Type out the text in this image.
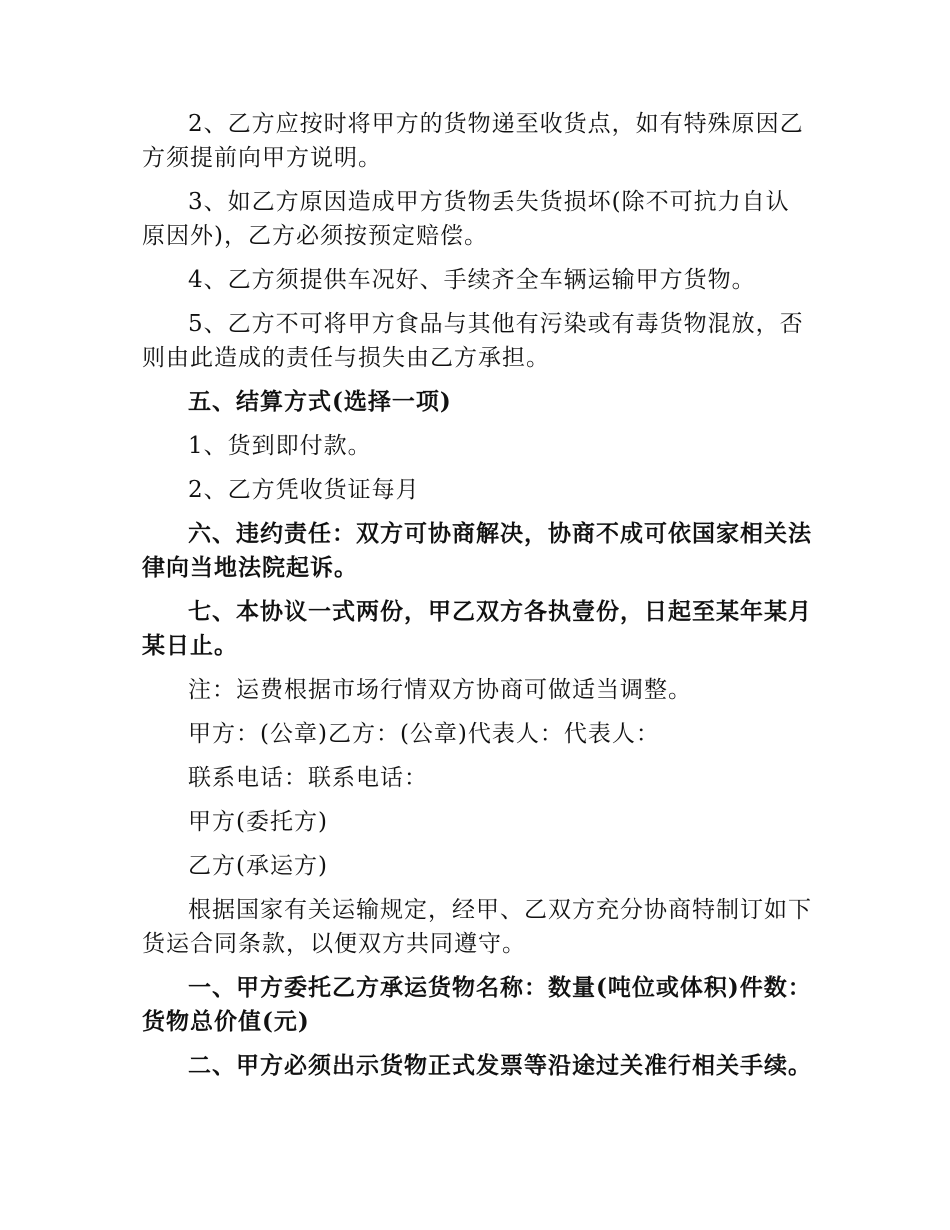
2、乙方应按时将甲方的货物递至收货点，如有特殊原因乙方须提前向甲方说明。

3、如乙方原因造成甲方货物丢失货损坏(除不可抗力自认原因外)，乙方必须按预定赔偿。

4、乙方须提供车况好、手续齐全车辆运输甲方货物。

5、乙方不可将甲方食品与其他有污染或有毒货物混放，否则由此造成的责任与损失由乙方承担。

五、结算方式(选择一项)

1、货到即付款。

2、乙方凭收货证每月

六、违约责任：双方可协商解决，协商不成可依国家相关法律向当地法院起诉。

七、本协议一式两份，甲乙双方各执壹份，日起至某年某月某日止。

注：运费根据市场行情双方协商可做适当调整。

甲方：(公章)乙方：(公章)代表人：代表人：

联系电话：联系电话：

甲方(委托方)

乙方(承运方)

根据国家有关运输规定，经甲、乙双方充分协商特制订如下货运合同条款，以便双方共同遵守。

一、甲方委托乙方承运货物名称：数量(吨位或体积)件数：货物总价值(元)

二、甲方必须出示货物正式发票等沿途过关准行相关手续。
